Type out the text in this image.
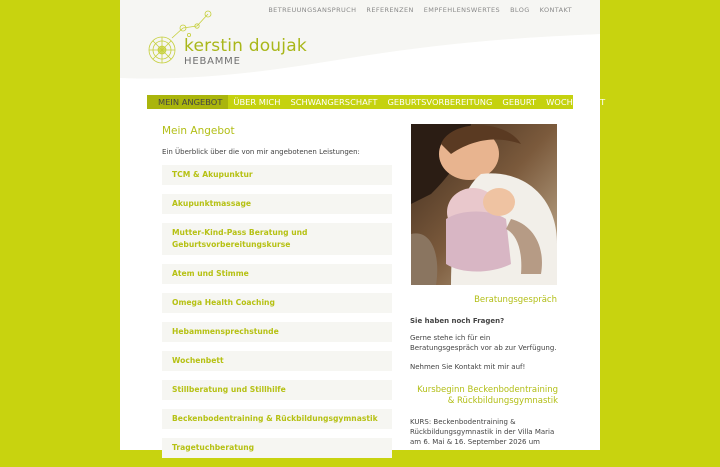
BETREUUNGSANSPRUCH REFERENZEN EMPFEHLENSWERTES BLOG KONTAKT
kerstin doujak
HEBAMME
MEIN ANGEBOT	ÜBER MICH	SCHWANGERSCHAFT	GEBURTSVORBEREITUNG	GEBURT	WOCHENBETT
Mein Angebot
Ein Überblick über die von mir angebotenen Leistungen:
TCM & Akupunktur
Akupunktmassage
Mutter-Kind-Pass Beratung und Geburtsvorbereitungskurse
Atem und Stimme
Omega Health Coaching
Hebammensprechstunde
Wochenbett
Stillberatung und Stillhilfe
Beckenbodentraining & Rückbildungsgymnastik
Tragetuchberatung
Beratungsgespräch
Sie haben noch Fragen?
Gerne stehe ich für ein Beratungsgespräch vor ab zur Verfügung.
Nehmen Sie Kontakt mit mir auf!
Kursbeginn Beckenbodentraining & Rückbildungsgymnastik
KURS: Beckenbodentraining & Rückbildungsgymnastik in der Villa Maria am 6. Mai & 16. September 2026 um
